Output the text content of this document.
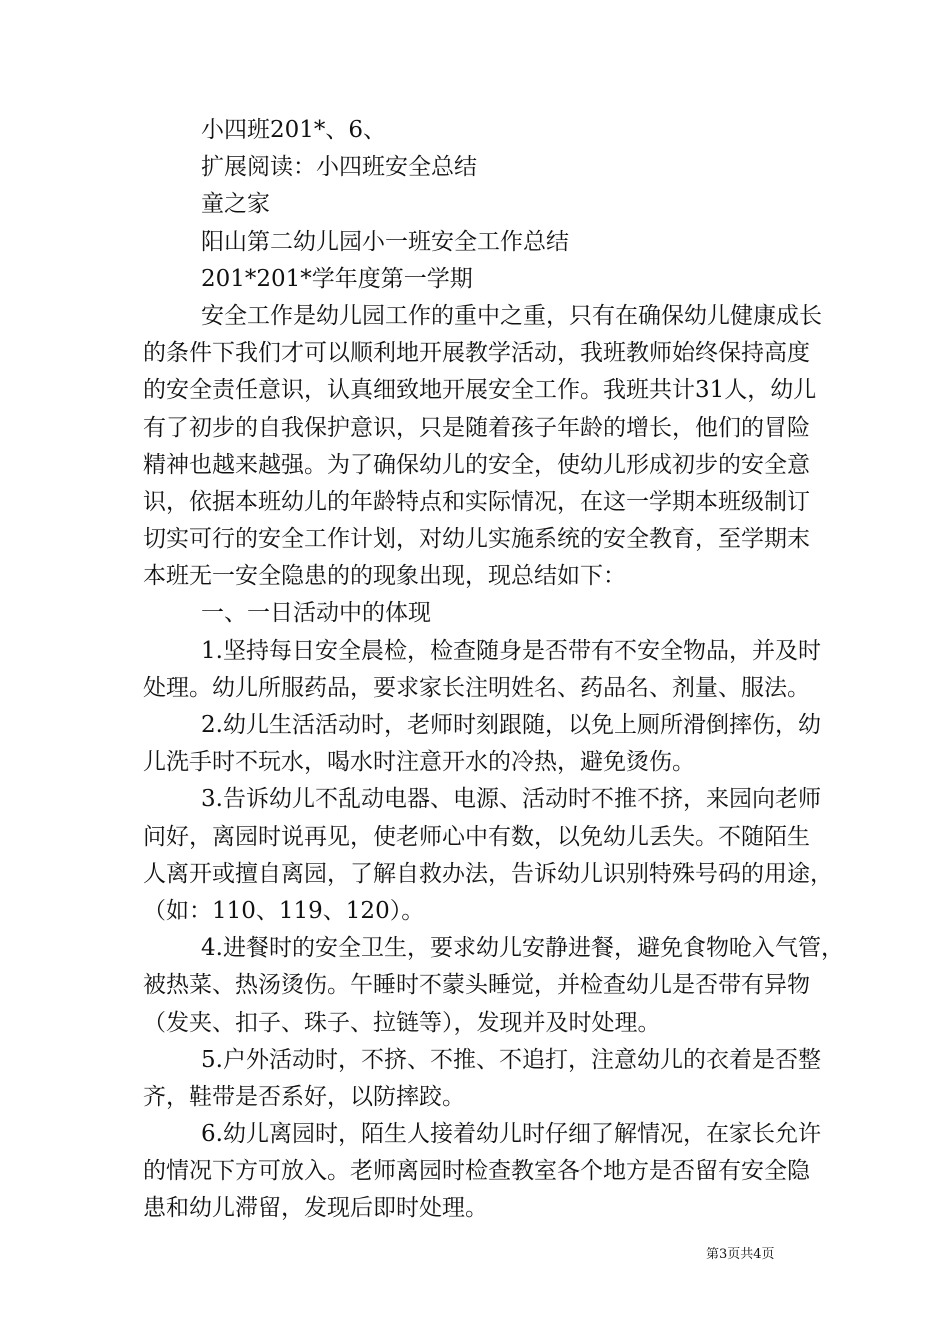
小四班201*、6、

扩展阅读：小四班安全总结

童之家

阳山第二幼儿园小一班安全工作总结

201*201*学年度第一学期

安全工作是幼儿园工作的重中之重，只有在确保幼儿健康成长

的条件下我们才可以顺利地开展教学活动，我班教师始终保持高度

的安全责任意识，认真细致地开展安全工作。我班共计31人，幼儿

有了初步的自我保护意识，只是随着孩子年龄的增长，他们的冒险

精神也越来越强。为了确保幼儿的安全，使幼儿形成初步的安全意

识，依据本班幼儿的年龄特点和实际情况，在这一学期本班级制订

切实可行的安全工作计划，对幼儿实施系统的安全教育，至学期末

本班无一安全隐患的的现象出现，现总结如下：

一、一日活动中的体现

1.坚持每日安全晨检，检查随身是否带有不安全物品，并及时

处理。幼儿所服药品，要求家长注明姓名、药品名、剂量、服法。

2.幼儿生活活动时，老师时刻跟随，以免上厕所滑倒摔伤，幼

儿洗手时不玩水，喝水时注意开水的冷热，避免烫伤。

3.告诉幼儿不乱动电器、电源、活动时不推不挤，来园向老师

问好，离园时说再见，使老师心中有数，以免幼儿丢失。不随陌生

人离开或擅自离园，了解自救办法，告诉幼儿识别特殊号码的用途，

（如：110、119、120）。

4.进餐时的安全卫生，要求幼儿安静进餐，避免食物呛入气管，

被热菜、热汤烫伤。午睡时不蒙头睡觉，并检查幼儿是否带有异物

（发夹、扣子、珠子、拉链等），发现并及时处理。

5.户外活动时，不挤、不推、不追打，注意幼儿的衣着是否整

齐，鞋带是否系好，以防摔跤。

6.幼儿离园时，陌生人接着幼儿时仔细了解情况，在家长允许

的情况下方可放入。老师离园时检查教室各个地方是否留有安全隐

患和幼儿滞留，发现后即时处理。

第3页共4页
